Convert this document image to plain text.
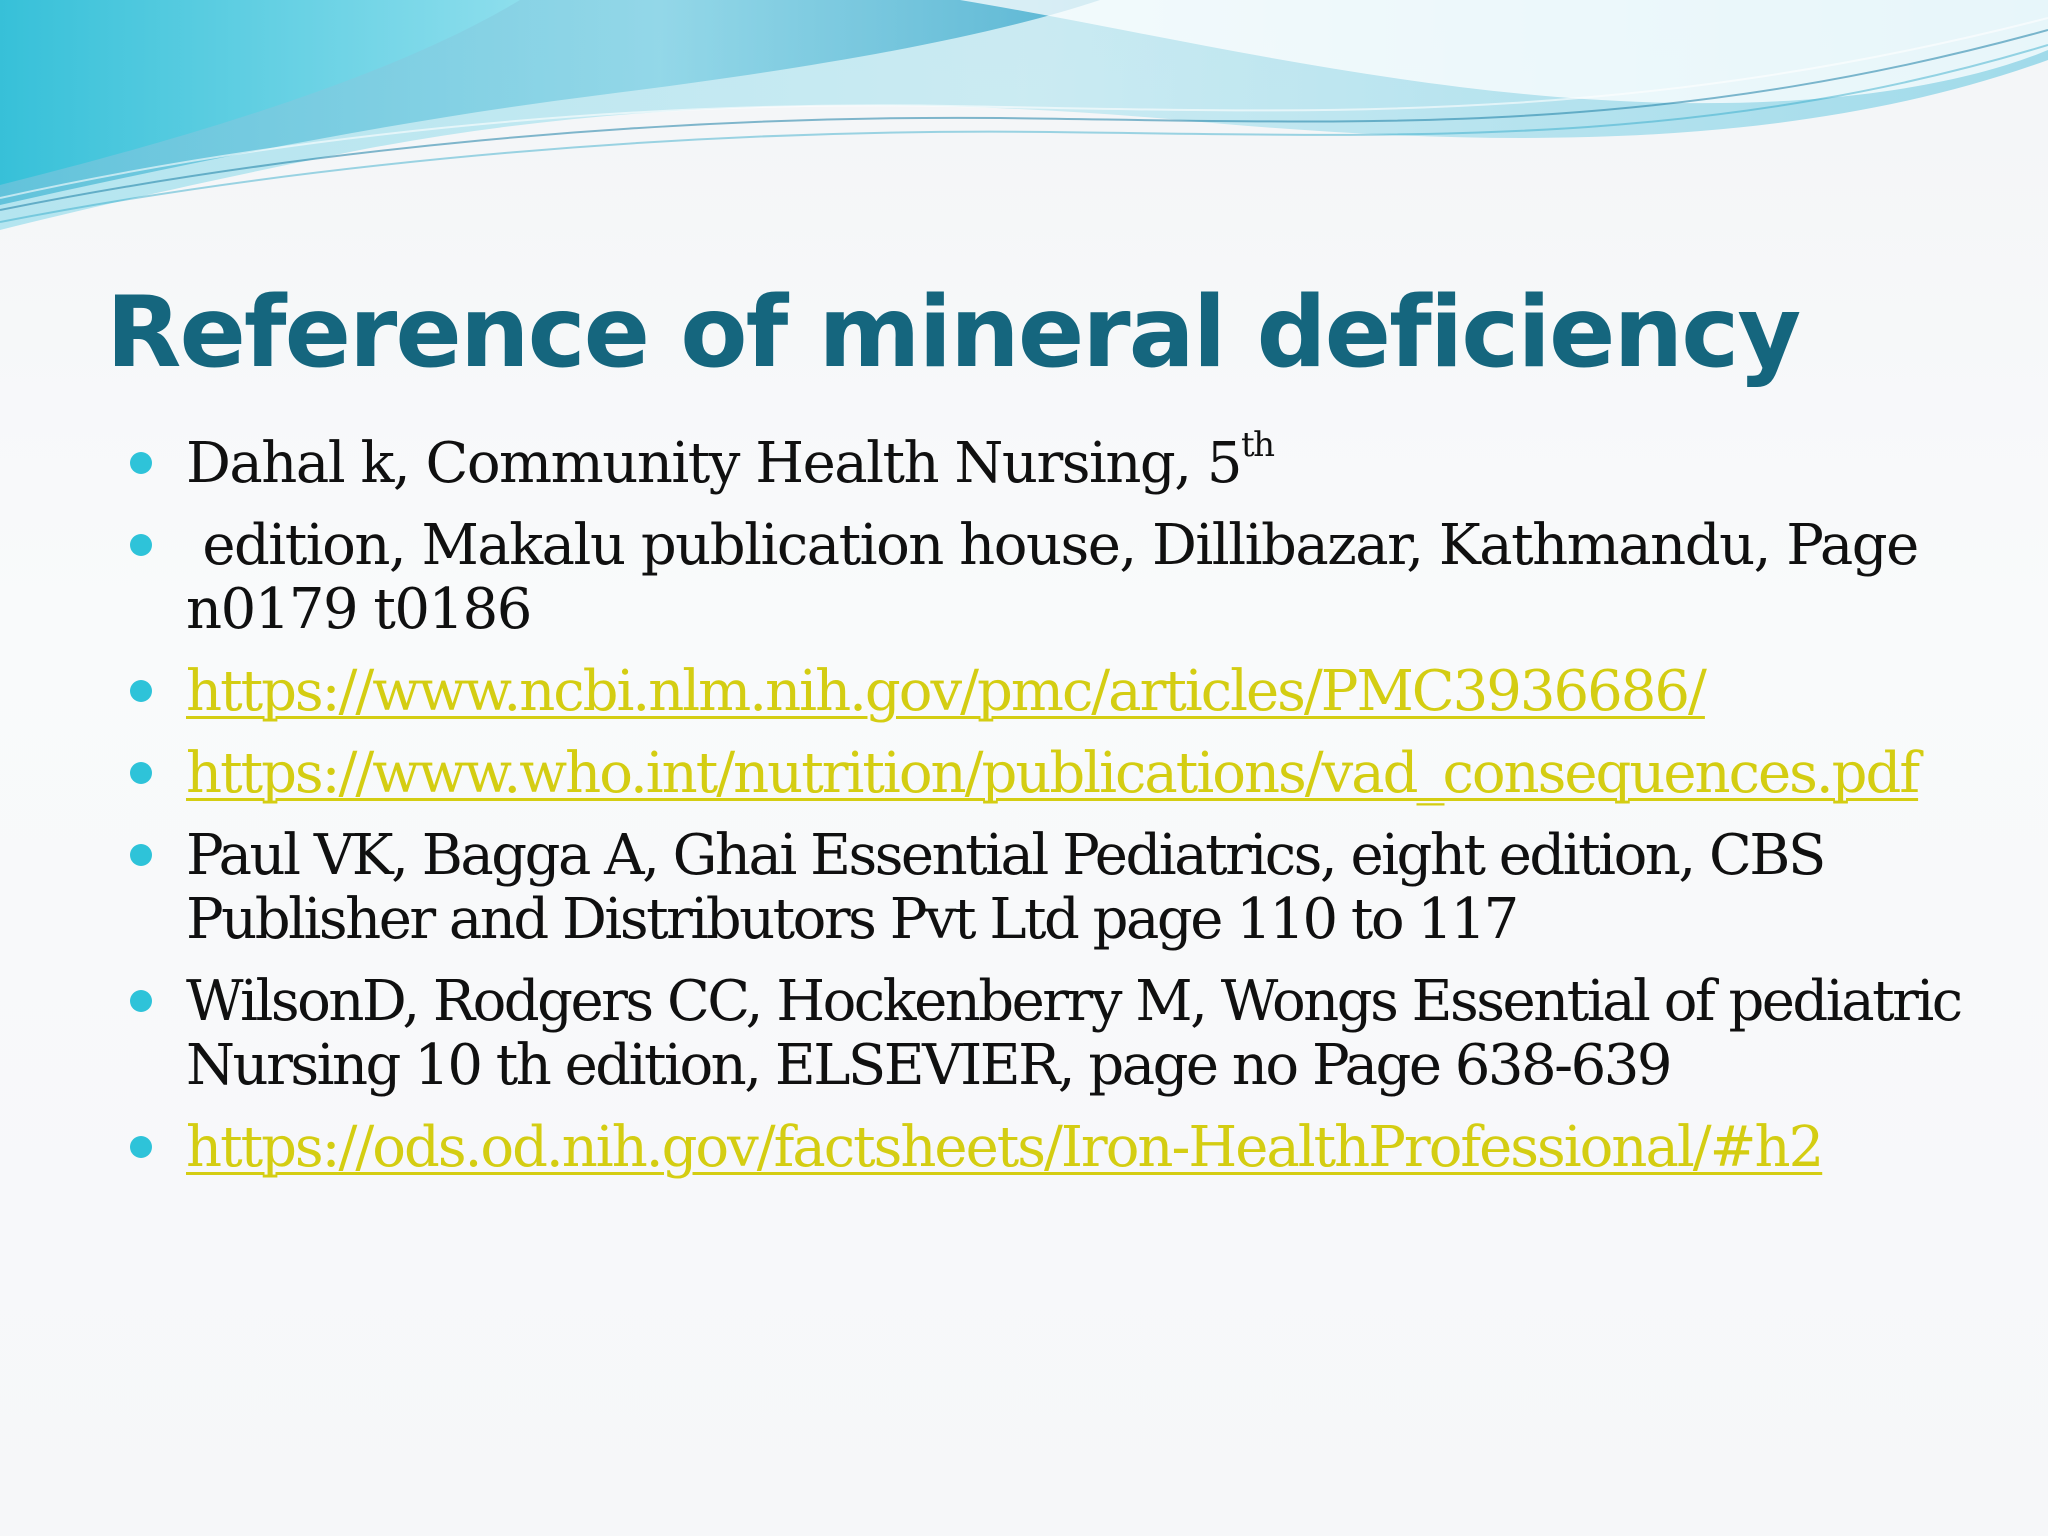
Reference of mineral deficiency
Dahal k, Community Health Nursing, 5th
edition, Makalu publication house, Dillibazar, Kathmandu, Page n0179 t0186
https://www.ncbi.nlm.nih.gov/pmc/articles/PMC3936686/
https://www.who.int/nutrition/publications/vad_consequences.pdf
Paul VK, Bagga A, Ghai Essential Pediatrics, eight edition, CBS Publisher and Distributors Pvt Ltd page 110 to 117
WilsonD, Rodgers CC, Hockenberry M, Wongs Essential of pediatric Nursing 10 th edition, ELSEVIER, page no Page 638-639
https://ods.od.nih.gov/factsheets/Iron-HealthProfessional/#h2
